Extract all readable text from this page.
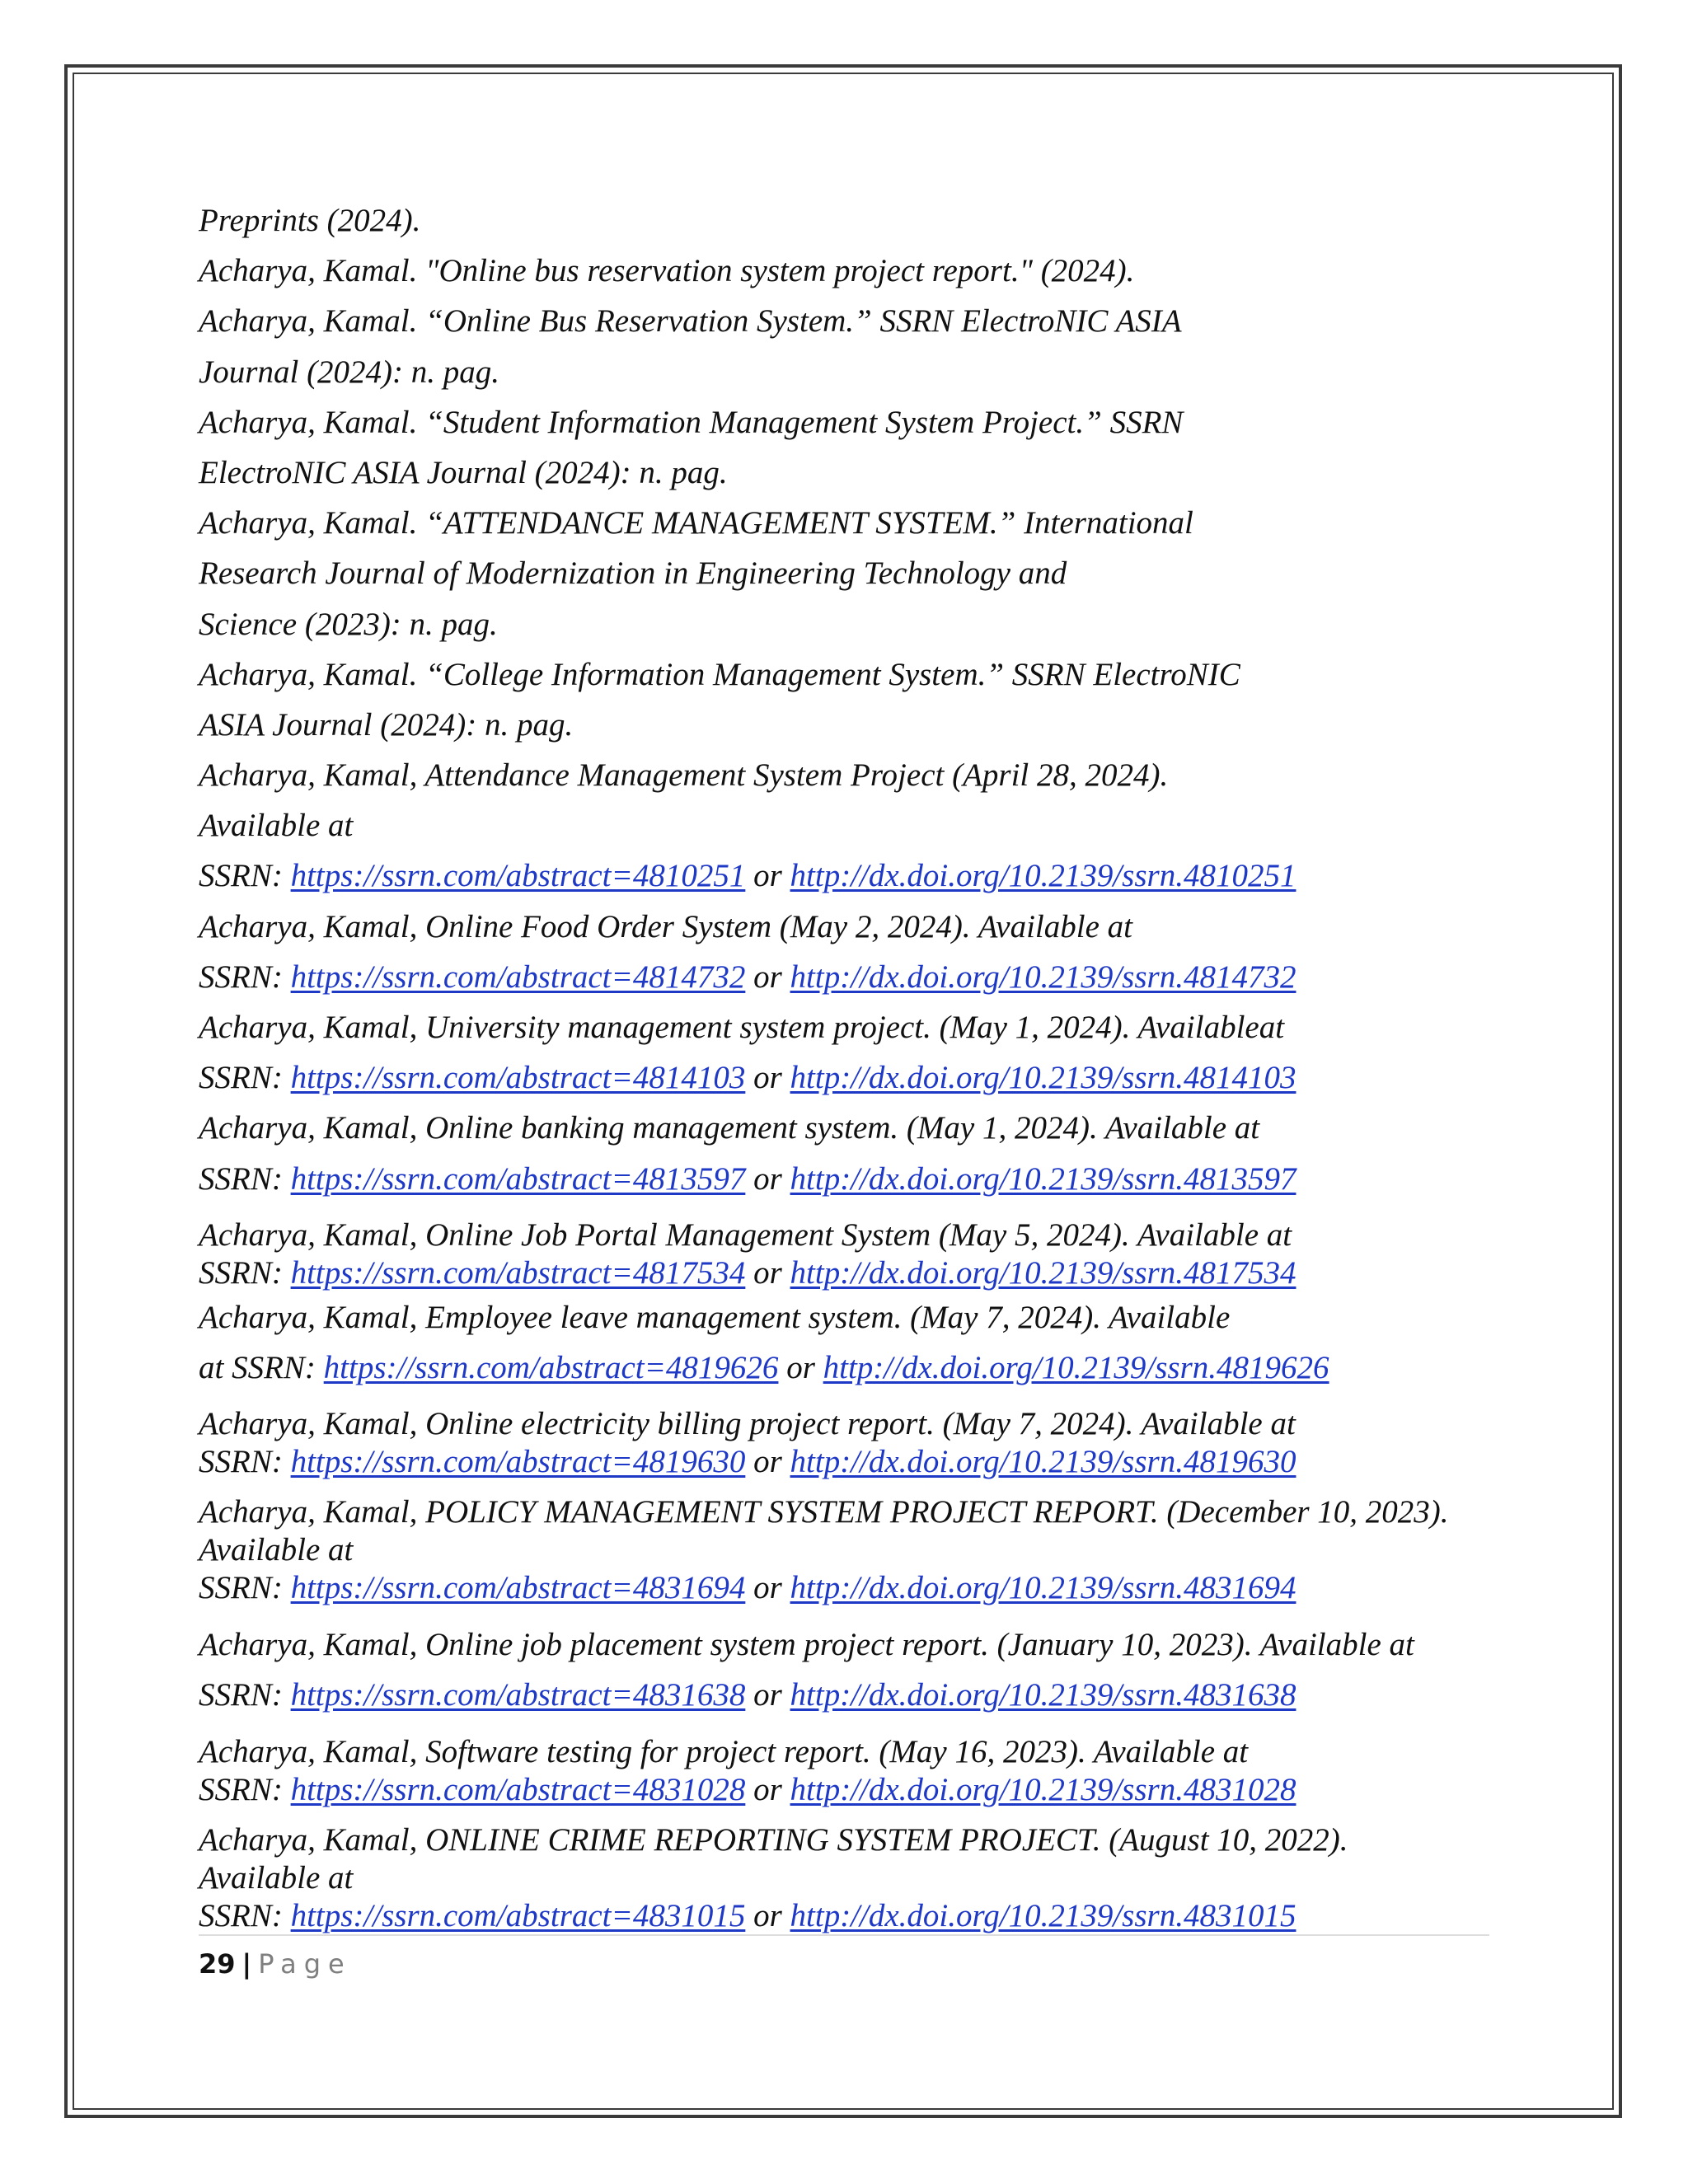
Preprints (2024).
Acharya, Kamal. "Online bus reservation system project report." (2024).
Acharya, Kamal. “Online Bus Reservation System.” SSRN ElectroNIC ASIA
Journal (2024): n. pag.
Acharya, Kamal. “Student Information Management System Project.” SSRN
ElectroNIC ASIA Journal (2024): n. pag.
Acharya, Kamal. “ATTENDANCE MANAGEMENT SYSTEM.” International
Research Journal of Modernization in Engineering Technology and
Science (2023): n. pag.
Acharya, Kamal. “College Information Management System.” SSRN ElectroNIC
ASIA Journal (2024): n. pag.
Acharya, Kamal, Attendance Management System Project (April 28, 2024).
Available at
SSRN: https://ssrn.com/abstract=4810251 or http://dx.doi.org/10.2139/ssrn.4810251
Acharya, Kamal, Online Food Order System (May 2, 2024). Available at
SSRN: https://ssrn.com/abstract=4814732 or http://dx.doi.org/10.2139/ssrn.4814732
Acharya, Kamal, University management system project. (May 1, 2024). Availableat
SSRN: https://ssrn.com/abstract=4814103 or http://dx.doi.org/10.2139/ssrn.4814103
Acharya, Kamal, Online banking management system. (May 1, 2024). Available at
SSRN: https://ssrn.com/abstract=4813597 or http://dx.doi.org/10.2139/ssrn.4813597
Acharya, Kamal, Online Job Portal Management System (May 5, 2024). Available at
SSRN: https://ssrn.com/abstract=4817534 or http://dx.doi.org/10.2139/ssrn.4817534
Acharya, Kamal, Employee leave management system. (May 7, 2024). Available
at SSRN: https://ssrn.com/abstract=4819626 or http://dx.doi.org/10.2139/ssrn.4819626
Acharya, Kamal, Online electricity billing project report. (May 7, 2024). Available at
SSRN: https://ssrn.com/abstract=4819630 or http://dx.doi.org/10.2139/ssrn.4819630
Acharya, Kamal, POLICY MANAGEMENT SYSTEM PROJECT REPORT. (December 10, 2023).
Available at
SSRN: https://ssrn.com/abstract=4831694 or http://dx.doi.org/10.2139/ssrn.4831694
Acharya, Kamal, Online job placement system project report. (January 10, 2023). Available at
SSRN: https://ssrn.com/abstract=4831638 or http://dx.doi.org/10.2139/ssrn.4831638
Acharya, Kamal, Software testing for project report. (May 16, 2023). Available at
SSRN: https://ssrn.com/abstract=4831028 or http://dx.doi.org/10.2139/ssrn.4831028
Acharya, Kamal, ONLINE CRIME REPORTING SYSTEM PROJECT. (August 10, 2022).
Available at
SSRN: https://ssrn.com/abstract=4831015 or http://dx.doi.org/10.2139/ssrn.4831015
29 | Page
